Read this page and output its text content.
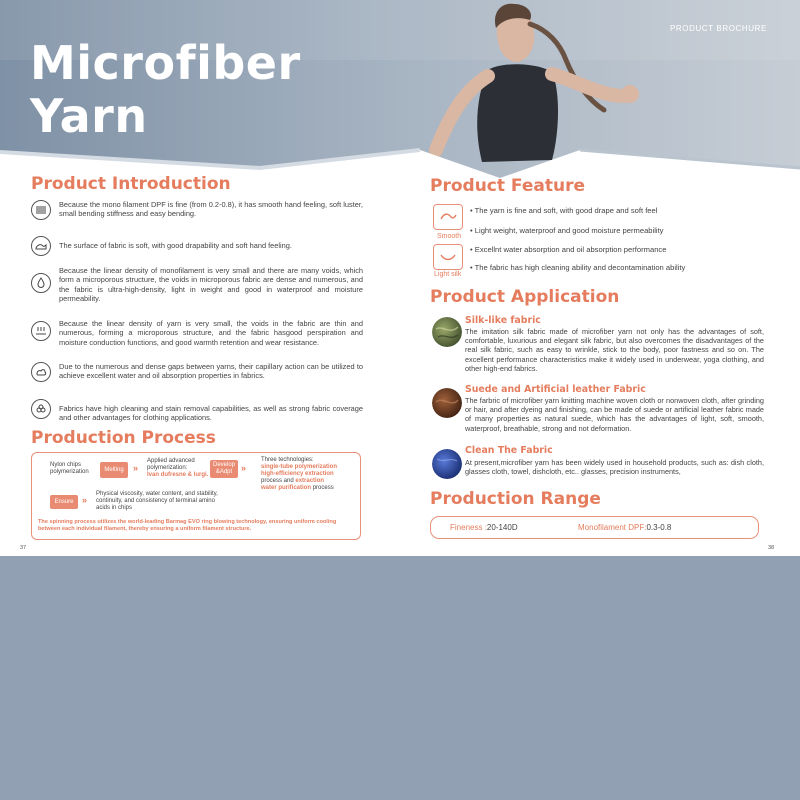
Microfiber
Yarn
PRODUCT BROCHURE
Product Introduction
Because the mono filament DPF is fine (from 0.2-0.8), it has smooth hand feeling, soft luster, small bending stiffness and easy bending.
The surface of fabric is soft, with good drapability and soft hand feeling.
Because the linear density of monofilament is very small and there are many voids, which form a microporous structure, the voids in microporous fabric are dense and numerous, and the fabric is ultra-high-density, light in weight and good in waterproof and moisture permeability.
Because the linear density of yarn is very small, the voids in the fabric are thin and numerous, forming a microporous structure, and the fabric hasgood perspiration and moisture conduction functions, and good warmth retention and wear resistance.
Due to the numerous and dense gaps between yarns, their capillary action can be utilized to achieve excellent water and oil absorption properties in fabrics.
Fabrics have high cleaning and stain removal capabilities, as well as strong fabric coverage and other advantages for clothing applications.
Production Process
Nylon chips polymerization	Melting	»
Applied advanced polymerization:
Ivan dufresne & lurgi.
Develop &Adpt »
Three technologies:
single-tube polymerization
high-efficiency extraction
process and extraction
water purification process
Ensure »
Physical viscosity, water content, and stability, continuity, and consistency of terminal amino acids in chips
The spinning process utilizes the world-leading Barmag EVO ring blowing technology, ensuring uniform cooling between each individual filament, thereby ensuring a uniform filament structure.
37
Product Feature
Smooth
Light silk
• The yarn is fine and soft, with good drape and soft feel
• Light weight, waterproof and good moisture permeability
• Excellnt water absorption and oil absorption performance
• The fabric has high cleaning ability and decontamination ability
Product Application
Silk-like fabric
The imitation silk fabric made of microfiber yarn not only has the advantages of soft, comfortable, luxurious and elegant silk fabric, but also overcomes the disadvantages of the real silk fabric, such as easy to wrinkle, stick to the body, poor fastness and so on. The excellent performance characteristics make it widely used in underwear, yoga clothing, and other high-end fabrics.
Suede and Artificial leather Fabric
The farbric of microfiber yarn knitting machine woven cloth or nonwoven cloth, after grinding or hair, and after dyeing and finishing, can be made of suede or artificial leather fabric made of many properties as natural suede, which has the advantages of light, soft, smooth, waterproof, breathable, strong and not deformation.
Clean The Fabric
At present,microfiber yarn has been widely used in household products, such as: dish cloth, glasses cloth, towel, dishcloth, etc.. glasses, precision instruments,
Production Range
Fineness :20-140D	Monofilament DPF:0.3-0.8
38
